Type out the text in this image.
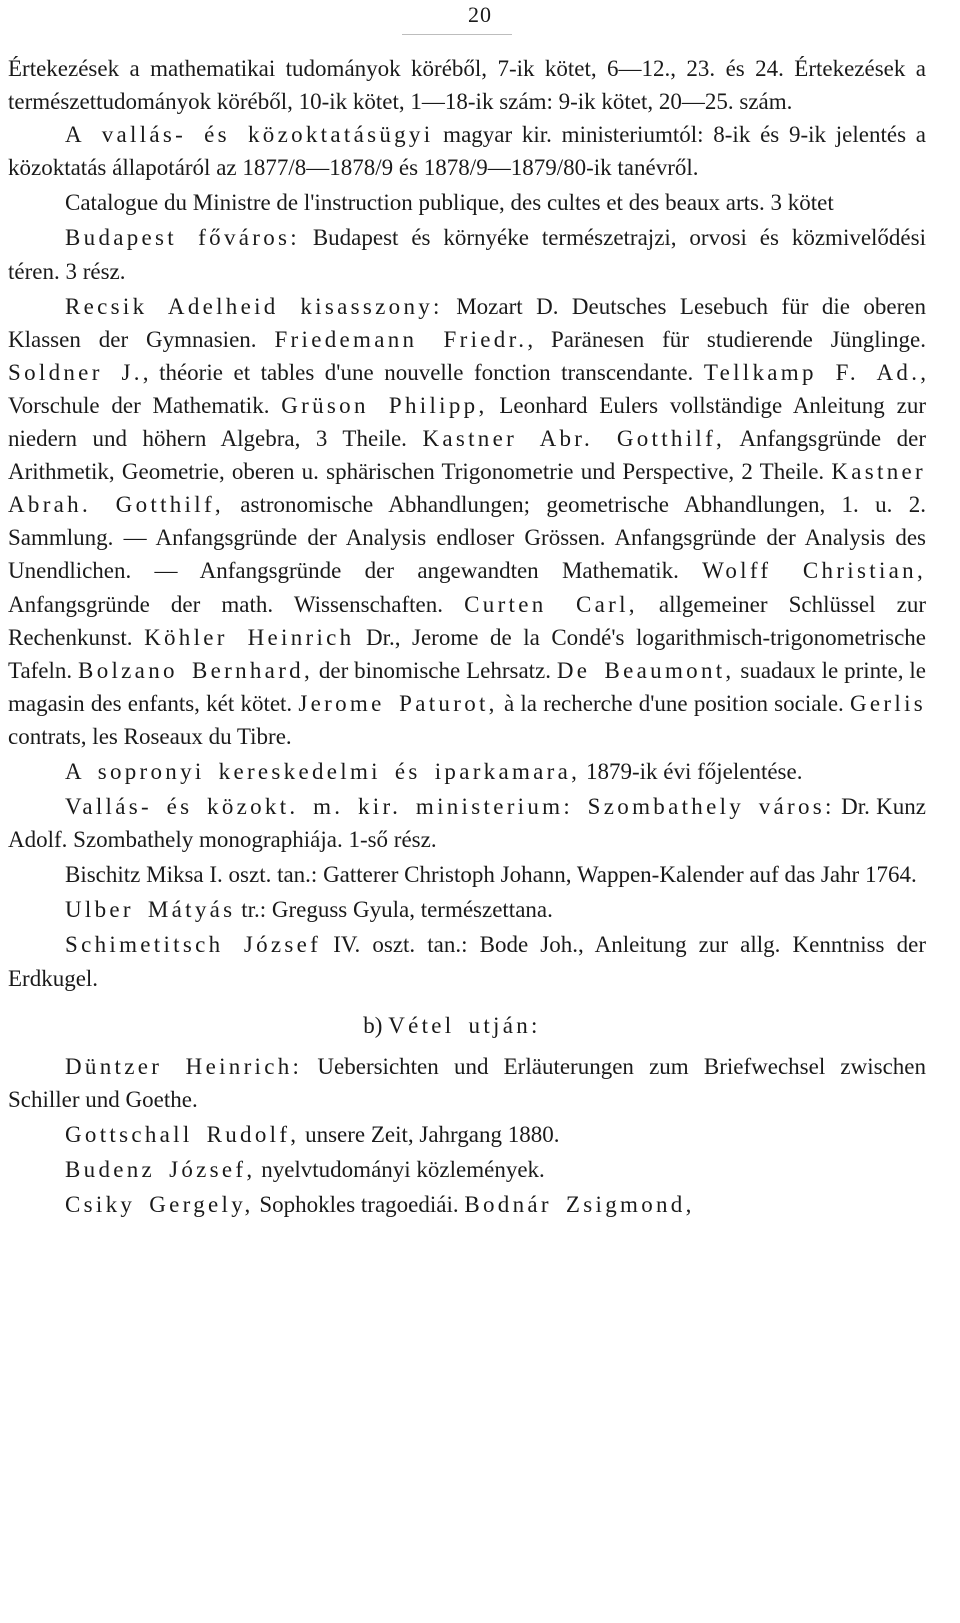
20

Értekezések a mathematikai tudományok köréből, 7-ik kötet, 6—12., 23. és 24. Értekezések a természettudományok köréből, 10-ik kötet, 1—18-ik szám: 9-ik kötet, 20—25. szám.

A vallás- és közoktatásügyi magyar kir. ministeriumtól: 8-ik és 9-ik jelentés a közoktatás állapotáról az 1877/8—1878/9 és 1878/9—1879/80-ik tanévről.

Catalogue du Ministre de l'instruction publique, des cultes et des beaux arts. 3 kötet

Budapest főváros: Budapest és környéke természetrajzi, orvosi és közmivelődési téren. 3 rész.

Recsik Adelheid kisasszony: Mozart D. Deutsches Lesebuch für die oberen Klassen der Gymnasien. Friedemann Friedr., Paränesen für studierende Jünglinge. Soldner J., théorie et tables d'une nouvelle fonction transcendante. Tellkamp F. Ad., Vorschule der Mathematik. Grüson Philipp, Leonhard Eulers vollständige Anleitung zur niedern und höhern Algebra, 3 Theile. Kastner Abr. Gotthilf, Anfangsgründe der Arithmetik, Geometrie, oberen u. sphärischen Trigonometrie und Perspective, 2 Theile. Kastner Abrah. Gotthilf, astronomische Abhandlungen; geometrische Abhandlungen, 1. u. 2. Sammlung. — Anfangsgründe der Analysis endloser Grössen. Anfangsgründe der Analysis des Unendlichen. — Anfangsgründe der angewandten Mathematik. Wolff Christian, Anfangsgründe der math. Wissenschaften. Curten Carl, allgemeiner Schlüssel zur Rechenkunst. Köhler Heinrich Dr., Jerome de la Condé's logarithmisch-trigonometrische Tafeln. Bolzano Bernhard, der binomische Lehrsatz. De Beaumont, suadaux le printe, le magasin des enfants, két kötet. Jerome Paturot, à la recherche d'une position sociale. Gerlis contrats, les Roseaux du Tibre.

A sopronyi kereskedelmi és iparkamara, 1879-ik évi főjelentése.

Vallás- és közokt. m. kir. ministerium: Szombathely város: Dr. Kunz Adolf. Szombathely monographiája. 1-ső rész.

Bischitz Miksa I. oszt. tan.: Gatterer Christoph Johann, Wappen-Kalender auf das Jahr 1764.

Ulber Mátyás tr.: Greguss Gyula, természettana.

Schimetitsch József IV. oszt. tan.: Bode Joh., Anleitung zur allg. Kenntniss der Erdkugel.

b) Vétel utján:

Düntzer Heinrich: Uebersichten und Erläuterungen zum Briefwechsel zwischen Schiller und Goethe.

Gottschall Rudolf, unsere Zeit, Jahrgang 1880.

Budenz József, nyelvtudományi közlemények.

Csiky Gergely, Sophokles tragoediái. Bodnár Zsigmond,
